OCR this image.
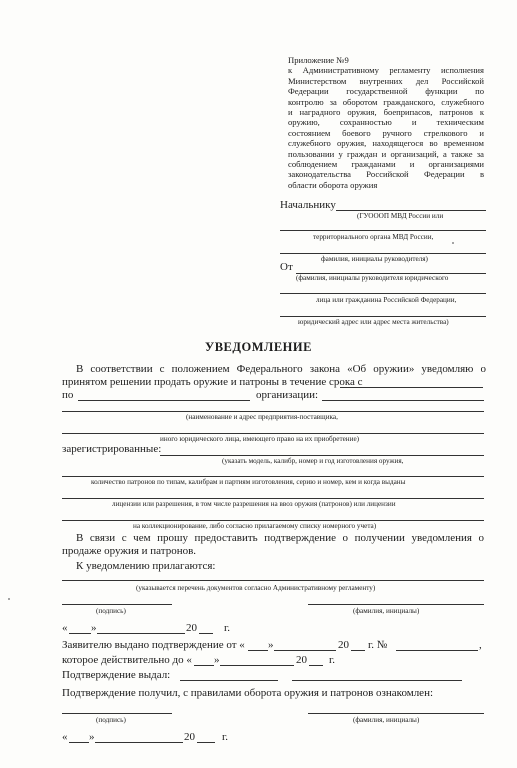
Приложение №9
к Административному регламенту исполнения
Министерством внутренних дел Российской
Федерации государственной функции по
контролю за оборотом гражданского, служебного
и наградного оружия, боеприпасов, патронов к
оружию, сохранностью и техническим
состоянием боевого ручного стрелкового и
служебного оружия, находящегося во временном
пользовании у граждан и организаций, а также за
соблюдением гражданами и организациями
законодательства Российской Федерации в
области оборота оружия
Начальнику
(ГУОООП МВД России или
территориального органа МВД России,
фамилия, инициалы руководителя)
От
(фамилия, инициалы руководителя юридического
лица или гражданина Российской Федерации,
юридический адрес или адрес места жительства)
УВЕДОМЛЕНИЕ
В соответствии с положением Федерального закона «Об оружии» уведомляю о принятом решении продать оружие и патроны в течение срока с
по	организации:
(наименование и адрес предприятия-поставщика,
иного юридического лица, имеющего право на их приобретение)
зарегистрированные:
(указать модель, калибр, номер и год изготовления оружия,
количество патронов по типам, калибрам и партиям изготовления, серию и номер, кем и когда выданы
лицензии или разрешения, в том числе разрешения на ввоз оружия (патронов) или лицензии
на коллекционирование, либо согласно прилагаемому списку номерного учета)
В связи с чем прошу предоставить подтверждение о получении уведомления о продаже оружия и патронов.
К уведомлению прилагаются:
(указывается перечень документов согласно Административному регламенту)
(подпись)	(фамилия, инициалы)
« »	20 г.
Заявителю выдано подтверждение от « »	20 г. №	,
которое действительно до « »	20 г.
Подтверждение выдал:
Подтверждение получил, с правилами оборота оружия и патронов ознакомлен:
(подпись)	(фамилия, инициалы)
« »	20 г.
